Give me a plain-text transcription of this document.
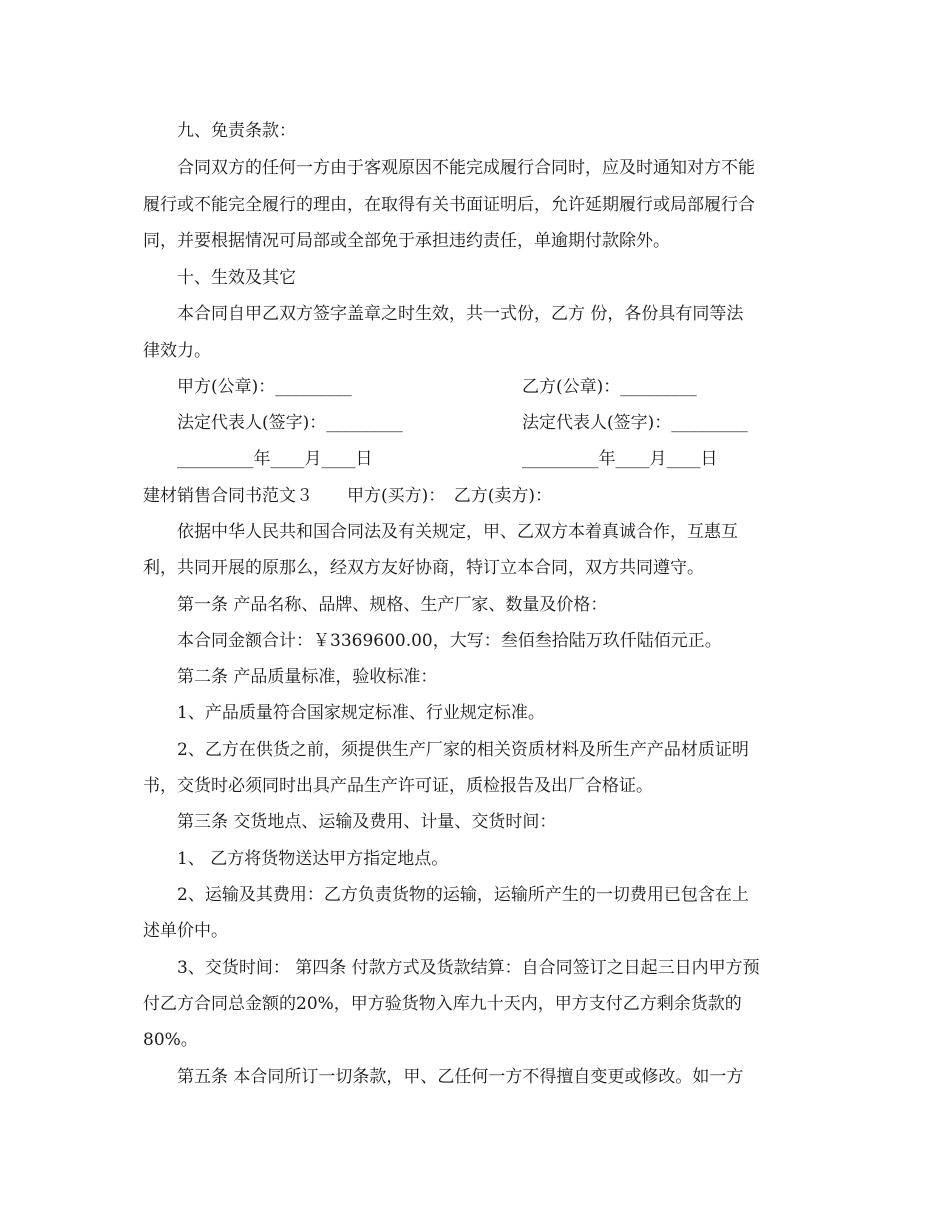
九、免责条款：
合同双方的任何一方由于客观原因不能完成履行合同时，应及时通知对方不能
履行或不能完全履行的理由，在取得有关书面证明后，允许延期履行或局部履行合
同，并要根据情况可局部或全部免于承担违约责任，单逾期付款除外。
十、生效及其它
本合同自甲乙双方签字盖章之时生效，共一式份，乙方 份，各份具有同等法
律效力。
甲方(公章)：_________	乙方(公章)：_________
法定代表人(签字)：_________	法定代表人(签字)：_________
_________年____月____日	_________年____月____日
建材销售合同书范文３　　甲方(买方)：　乙方(卖方)：
依据中华人民共和国合同法及有关规定，甲、乙双方本着真诚合作，互惠互
利，共同开展的原那么，经双方友好协商，特订立本合同，双方共同遵守。
第一条 产品名称、品牌、规格、生产厂家、数量及价格：
本合同金额合计：￥3369600.00，大写：叁佰叁拾陆万玖仟陆佰元正。
第二条 产品质量标准，验收标准：
1、产品质量符合国家规定标准、行业规定标准。
2、乙方在供货之前，须提供生产厂家的相关资质材料及所生产产品材质证明
书，交货时必须同时出具产品生产许可证，质检报告及出厂合格证。
第三条 交货地点、运输及费用、计量、交货时间：
1、 乙方将货物送达甲方指定地点。
2、运输及其费用：乙方负责货物的运输，运输所产生的一切费用已包含在上
述单价中。
3、交货时间： 第四条 付款方式及货款结算：自合同签订之日起三日内甲方预
付乙方合同总金额的20%，甲方验货物入库九十天内，甲方支付乙方剩余货款的
80%。
第五条 本合同所订一切条款，甲、乙任何一方不得擅自变更或修改。如一方
